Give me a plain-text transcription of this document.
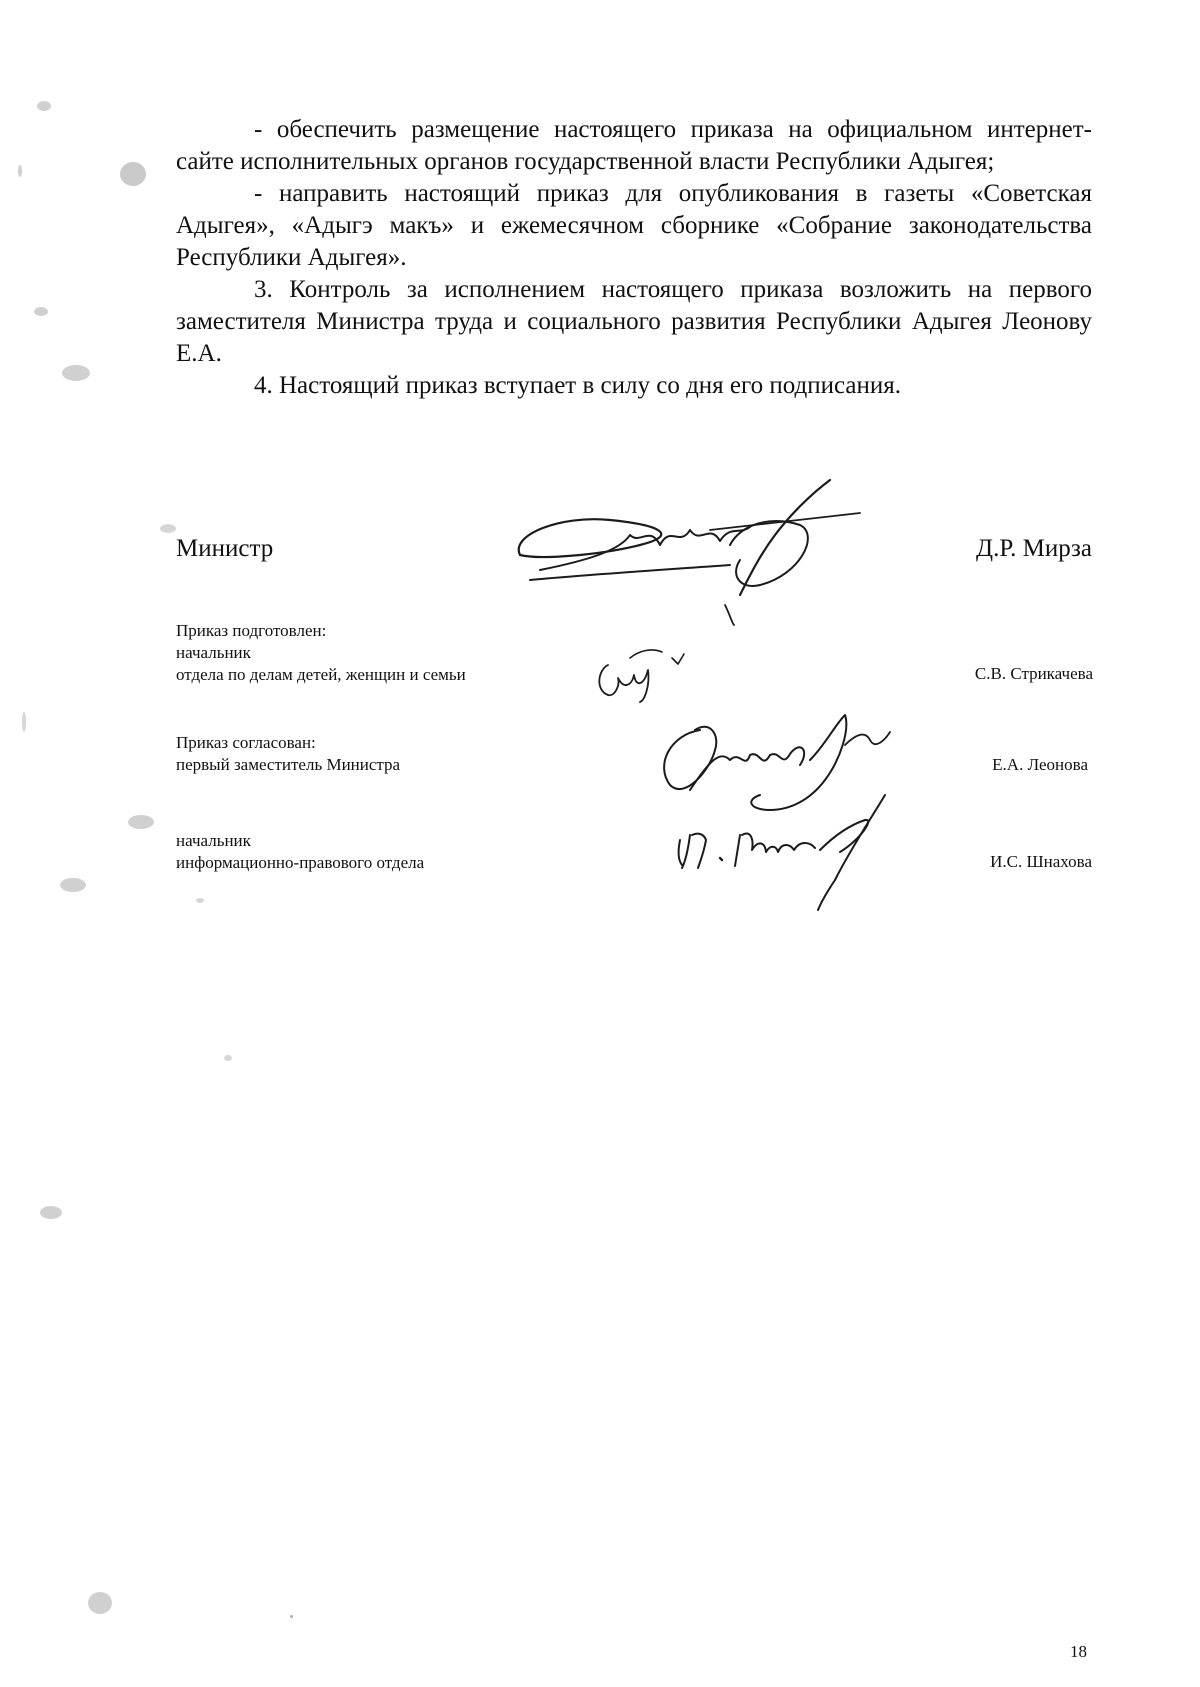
- обеспечить размещение настоящего приказа на официальном интернет-сайте исполнительных органов государственной власти Республики Адыгея;

- направить настоящий приказ для опубликования в газеты «Советская Адыгея», «Адыгэ макъ» и ежемесячном сборнике «Собрание законодательства Республики Адыгея».

3. Контроль за исполнением настоящего приказа возложить на первого заместителя Министра труда и социального развития Республики Адыгея Леонову Е.А.

4. Настоящий приказ вступает в силу со дня его подписания.

Министр	Д.Р. Мирза
Приказ подготовлен:
начальник
отдела по делам детей, женщин и семьи	С.В. Стрикачева
Приказ согласован:
первый заместитель Министра	Е.А. Леонова
начальник
информационно-правового отдела	И.С. Шнахова
18
